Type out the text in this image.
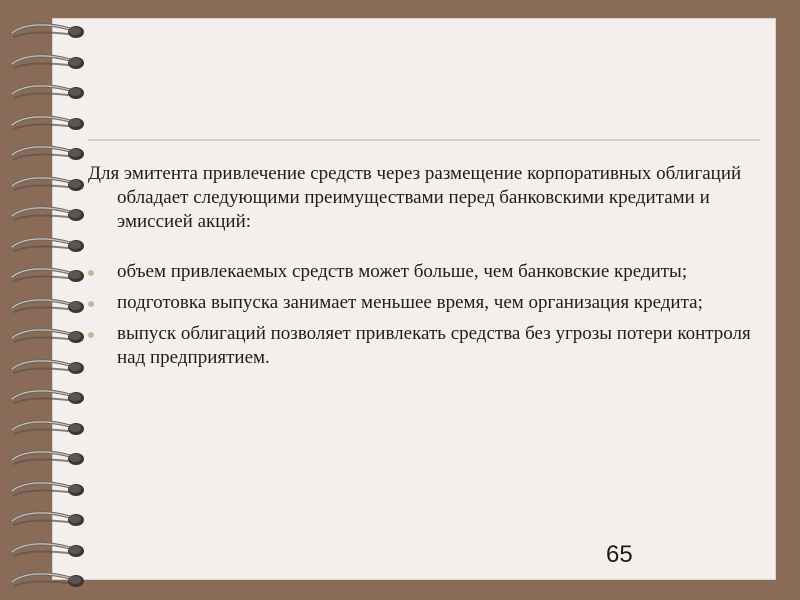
Для эмитента привлечение средств через размещение корпоративных облигаций обладает следующими преимуществами перед банковскими кредитами и эмиссией акций:

объем привлекаемых средств может больше, чем банковские кредиты;
подготовка выпуска занимает меньшее время, чем организация кредита;
выпуск облигаций позволяет привлекать средства без угрозы потери контроля над предприятием.
65
